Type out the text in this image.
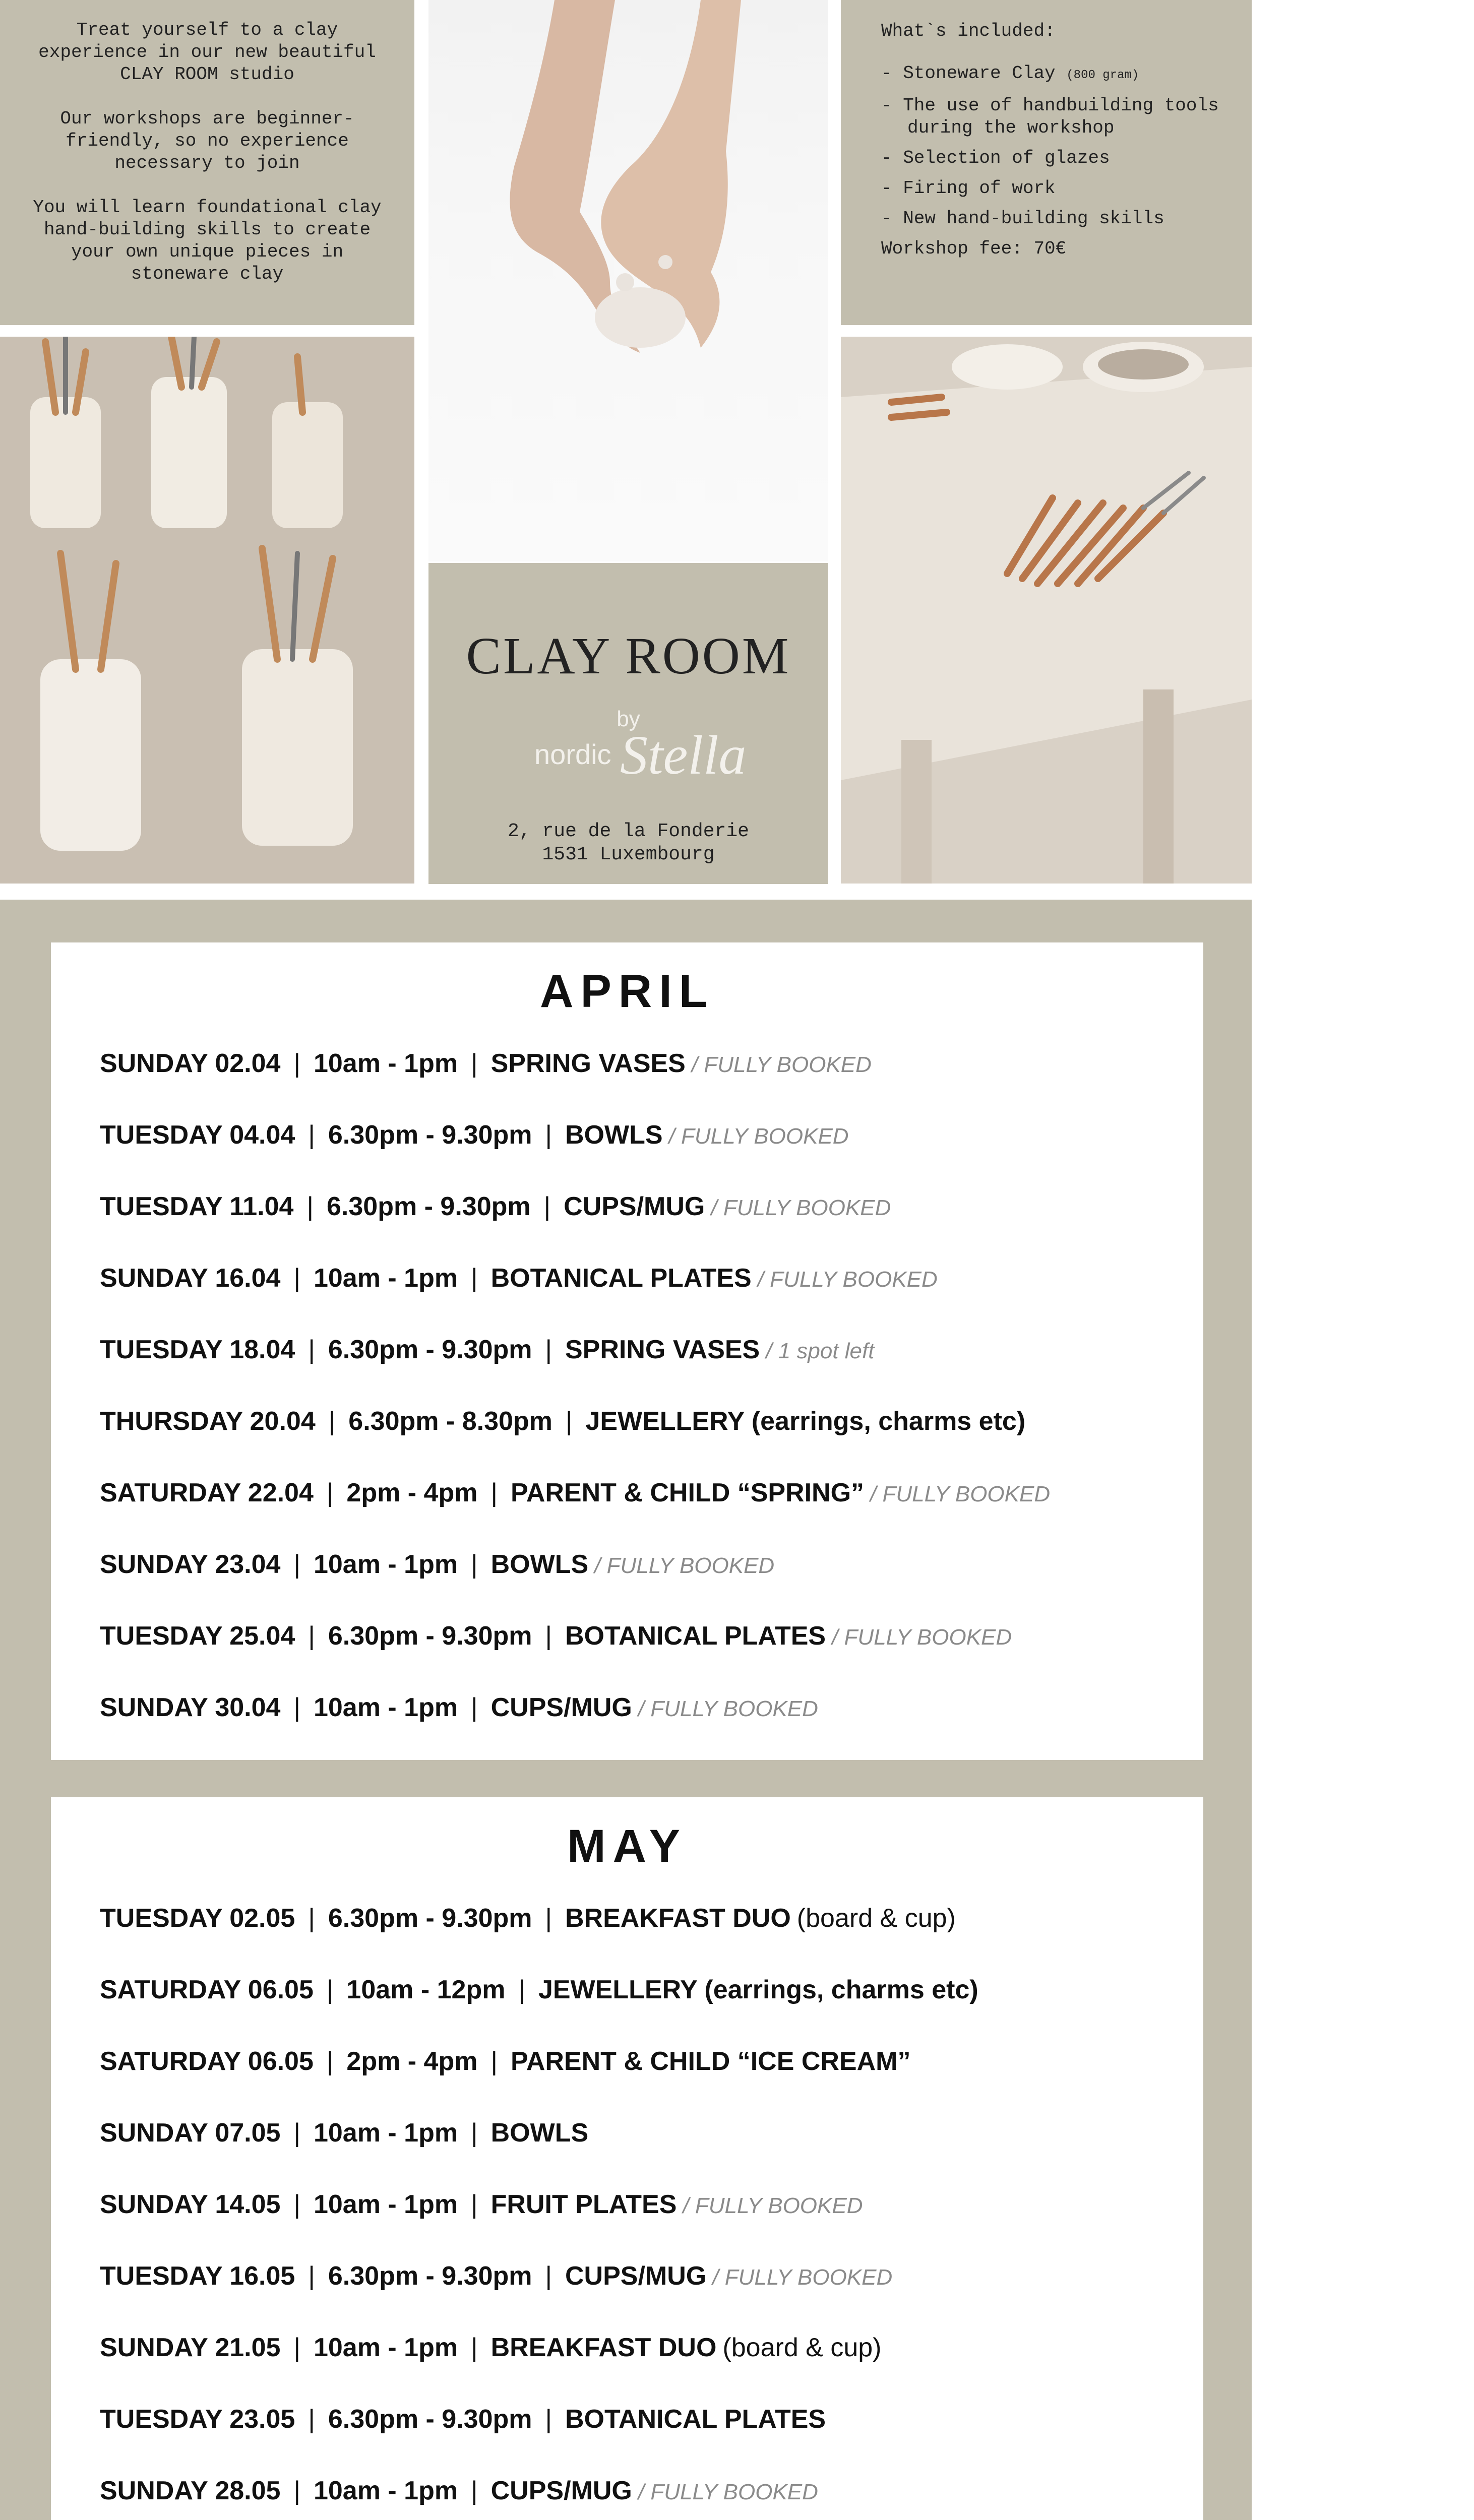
Treat yourself to a clay experience in our new beautiful CLAY ROOM studio

Our workshops are beginner-friendly, so no experience necessary to join

You will learn foundational clay hand-building skills to create your own unique pieces in stoneware clay

What`s included:
- Stoneware Clay (800 gram)
- The use of handbuilding tools during the workshop
- Selection of glazes
- Firing of work
- New hand-building skills
Workshop fee: 70€
CLAY ROOM
by
nordic Stella
2, rue de la Fonderie
1531 Luxembourg
APRIL
SUNDAY 02.04 | 10am - 1pm | SPRING VASES / FULLY BOOKED
TUESDAY 04.04 | 6.30pm - 9.30pm | BOWLS / FULLY BOOKED
TUESDAY 11.04 | 6.30pm - 9.30pm | CUPS/MUG / FULLY BOOKED
SUNDAY 16.04 | 10am - 1pm | BOTANICAL PLATES / FULLY BOOKED
TUESDAY 18.04 | 6.30pm - 9.30pm | SPRING VASES / 1 spot left
THURSDAY 20.04 | 6.30pm - 8.30pm | JEWELLERY (earrings, charms etc)
SATURDAY 22.04 | 2pm - 4pm | PARENT & CHILD “SPRING” / FULLY BOOKED
SUNDAY 23.04 | 10am - 1pm | BOWLS / FULLY BOOKED
TUESDAY 25.04 | 6.30pm - 9.30pm | BOTANICAL PLATES / FULLY BOOKED
SUNDAY 30.04 | 10am - 1pm | CUPS/MUG / FULLY BOOKED
MAY
TUESDAY 02.05 | 6.30pm - 9.30pm | BREAKFAST DUO (board & cup)
SATURDAY 06.05 | 10am - 12pm | JEWELLERY (earrings, charms etc)
SATURDAY 06.05 | 2pm - 4pm | PARENT & CHILD “ICE CREAM”
SUNDAY 07.05 | 10am - 1pm | BOWLS
SUNDAY 14.05 | 10am - 1pm | FRUIT PLATES / FULLY BOOKED
TUESDAY 16.05 | 6.30pm - 9.30pm | CUPS/MUG / FULLY BOOKED
SUNDAY 21.05 | 10am - 1pm | BREAKFAST DUO (board & cup)
TUESDAY 23.05 | 6.30pm - 9.30pm | BOTANICAL PLATES
SUNDAY 28.05 | 10am - 1pm | CUPS/MUG / FULLY BOOKED
